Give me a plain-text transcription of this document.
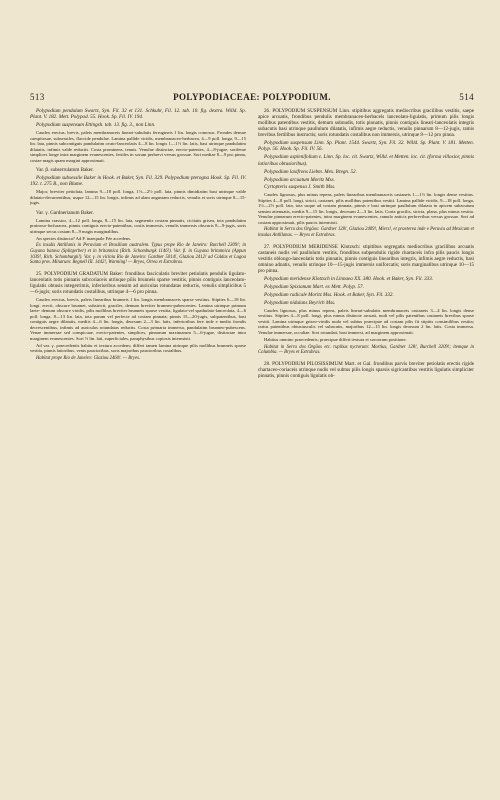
513	POLYPODIACEAE: POLYPODIUM.	514

Polypodium pendulum Swartz, Syn. Fil. 32 et 131. Schkuhr, Fil. 12. tab. 10. fig. dextra. Willd. Sp. Plant. V. 182. Mett. Polypod. 55. Hook. Sp. Fil. IV. 194.

Polypodium suspensum Ettingsh. tab. 13. fig. 3., non Linn.

Caudex erectus, brevis, paleis membranaceis lineari-subulatis ferrugineis 1 lin. longis comosus. Frondes densae caespitosae, subsessiles, flaccide pendulae. Lamina pallide viridis, membranaceo-herbacea, 4—9 poll. longa, 9—15 lin. lata, pinnis subcontiguis pandulatim ovato-lanceolatis 4—8 lin. longis 1—1½ lin. latis, basi utrinque pandulatim dilatatis, infimis valde reductis. Costa prominens, tenuis. Venulae distinctae, erecto-patentes, 4—8-jugae, soriferae simplices longe intra marginem evanescentes, fertiles in sorum perbrevi versus grossae. Sori mediae 8—9 pro pinna, costae magis quam margini approximati.

Var. β. subserrulatum Baker.

Polypodium subsessile Baker in Hook. et Baker, Syn. Fil. 329. Polypodium pterogna Hook. Sp. Fil. IV. 192. t. 275 B., non Blume.

Major, breviter petiolata, lamina 9—18 poll. longa, 1½—2½ poll. lata, pinnis dimidiatim basi utrinque valde dilatato-decurrentibus, usque 12—15 lin. longis, infimis ad alam angustam reductis, venulis et soris utrinque 8—15-jugis.

Var. γ. Gardnerianum Baker.

Lamina crassior, 4—12 poll. longa, 8—15 lin. lata, segmentis costam pinnatis, cicitatis grisea, tota pandulatim pruinoso-furfuracea, pinnis contiguis erecto-patentibus, costis immersis, venulis immersis obscuris 8—9-jugis, soris utrinque secus costam 8—9 magis marginalibus.

An species distincta? Ad P. inaequale Fée accedens.

Ex insulis Antillanis in Peruviam et Brasiliam australem. Typus prope Rio de Janeiro: Burchell 2309!; in Guyana batava (Splitgerber) et in britannica (Rich. Schomburgk 1146!). Var. β. in Guyana britannica (Appun 1039!, Rich. Schomburgk!). Var. γ. in vicinia Rio de Janeiro: Gardner 5014!, Glaziou 2412! ad Caldas et Lagoa Santa prov. Minarum: Regnell III. 1442!, Warming! — Bryes, Orrea et Extrabras.

25. POLYPODIUM GRADATUM Baker: frondibus fasciculatis breviter petiolatis pendulis ligulato-lanceolatis totis pinnatis subcoriaceis utrinque pilis brunneis sparse vestitis, pinnis contiguis lanceolato-ligulatis obtusis integerrimis, inferioribus sensim ad auriculas rotundatas reductis, venulis simplicibus 5—6-jugis; soris rotundatis costalibus, utrinque 4—6 pro pinna.

Caudex erectus, brevis, paleis linearibus brunneis 1 lin. longis membranaceis sparse vestitus. Stipites 6—18 lin. longi, erecti, obscure brunnei, substricti, graciles, demum breviter brunneo-pubescentes. Lamina utrinque primum laete- demum obscure viridis, pilis mollibus breviter brunneis sparse vestita, ligulato-vel spathulato-lanceolata, 4—6 poll. longa, 8—13 lin. lata, tota parum vel perfecte ad costam pinnata; pinnis 15—20-jugis, subpatentibus, basi contiguis aegre dilatatis, mediis 4—6 lin. longis, deorsum 2—3 lin. latis, inferioribus fere inde e medio frondis decrescentibus, infimis ad auriculas rotundatas reductis. Costa primaria immersa, pandulatim brunneo-pubescens. Venae immersae sed conspicuae, erecto-patentes, simplices, pinnarum maximarum 5—6-jugae, distinctae intra marginem evanescentes. Sori ½ lin. lati, superficiales, paraphysibus copiosis intermixti.

Ad var. γ. praecedentis habitu et textura accedens; differt tamen lamina utrinque pilis mollibus brunneis sparse vestita, pinnis latioribus, venis paucioribus, soris majoribus paucioribus costalibus.

Habitat prope Rio de Janeiro: Glaziou 2460!. — Bryes.

26. POLYPODIUM SUSPENSUM Linn. stipitibus aggregatis mediocribus gracilibus vestitis, saepe apice arcuatis, frondibus pendulis membranaceo-herbaceis lanceolato-ligulatis, primum pilis longis mollibus patentibus vestitis, demum subnudis, totis pinnatis, pinnis contiguis lineari-lanceolatis integris subacutis basi utrinque paullulum dilatatis, infimis aegre reductis, venulis pinnarum 8—12-jugis, ramis brevibus fertilibus instructis; soris rotundatis costalibus non immersis, utrinque 8—12 pro pinna.

Polypodium suspensum Linn. Sp. Plant. 1544. Swartz, Syn. Fil. 32. Willd. Sp. Plant. V. 181. Metten. Polyp. 56. Hook. Sp. Fil. IV. 56.

Polypodium asplenifolium ε. Linn. Sp. loc. cit. Swartz, Willd. et Metten. loc. cit. (forma villosior, pinnis latioribus obtusioribus).

Polypodium laxifrons Liebm. Mex. Bregn. 52.

Polypodium arcuatum Moritz Mss.

Cyrtopteris suspensa J. Smith Mss.

Caudex lignosus, plus minus repens, paleis linearibus membranaceis castaneis 1—1½ lin. longis dense vestitus. Stipites 4—8 poll. longi, stricti, castanei, pilis mollibus patentibus vestiti. Lamina pallide viridis, 9—18 poll. longa, 1½—2½ poll. lata, tota usque ad costam pinnata, pinnis e basi utrinque paullulum dilatata in apicem subacutum sensim attenuatis, mediis 9—15 lin. longis, deorsum 2—3 lin. latis. Costa gracilis, stricta, plana, plus minus vestita. Venulae pinnarum erecto-patentes, intra marginem evanescentes, ramulo anticis perbrevibus versus grossae. Sori ad costam approximati, pilis paucis intermixti.

Habitat in Serra dos Orgãos: Gardner 128!, Glaziou 2409!, Miers!, et praeterea inde e Peruvia ad Mexicum et insulas Antillanas. — Bryes et Extrabras.

27. POLYPODIUM MERIDENSE Klotzsch: stipitibus segregatis mediocribus gracilibus arcuatis castaneis nudis vel paullulum vestitis, frondibus subpendulis rigide chartaceis infra pilis paucis longis vestitis oblongo-lanceolatis totis pinnatis, pinnis contiguis linearibus integris, infimis aegre reductis, basi omnino adnatis, venulis utrinque 10—15-jugis immersis uniforcatis; soris marginalibus utrinque 10—15 pro pinna.

Polypodium meridense Klotzsch in Linnaea XX. 380. Hook. et Baker, Syn. Fil. 333.

Polypodium Spixianum Mart. ex Mett. Polyp. 57.

Polypodium radicale Moritz Mss. Hook. et Baker, Syn. Fil. 332.

Polypodium nidulans Beyrich Mss.

Caudex lignosus, plus minus repens, paleis lineari-subulatis membranaceis castaneis 3—4 lin. longis dense vestitus. Stipites 4—8 poll. longi, plus minus distincte arcuati, nudi vel pilis patentibus castaneis brevibus sparse vestiti. Lamina utrinque griseo-viridis nuda vel subtus praecipue ad costam pilis fit stipitis consimilibus vestita; rarius patentibus obtusiusculis vel subacutis, majoribus 12—15 lin. longis deorsum 2 lin. latis. Costa immersa. Venulae immersae, occultae. Sori rotundati, basi immersi, ad marginem approximati.

Habitus omnino praecedentis; praecipue differt textura et soroorum positione.

Habitat in Serra dos Orgãos etc. rupibus nyctorum: Martius, Gardner 128!, Burchell 3209!; itemque in Columbia. — Bryes et Extrabras.

28. POLYPODIUM PILOSISSIMUM Mart. et Gal. frondibus parvis breviter petiolatis erectis rigide chartaceo-coriaceis utrinque nudis vel subtus pilis longis sparsis sigricantibus vestitis ligulatis simpliciter pinnatis, pinnis contiguis ligulatis ob-
